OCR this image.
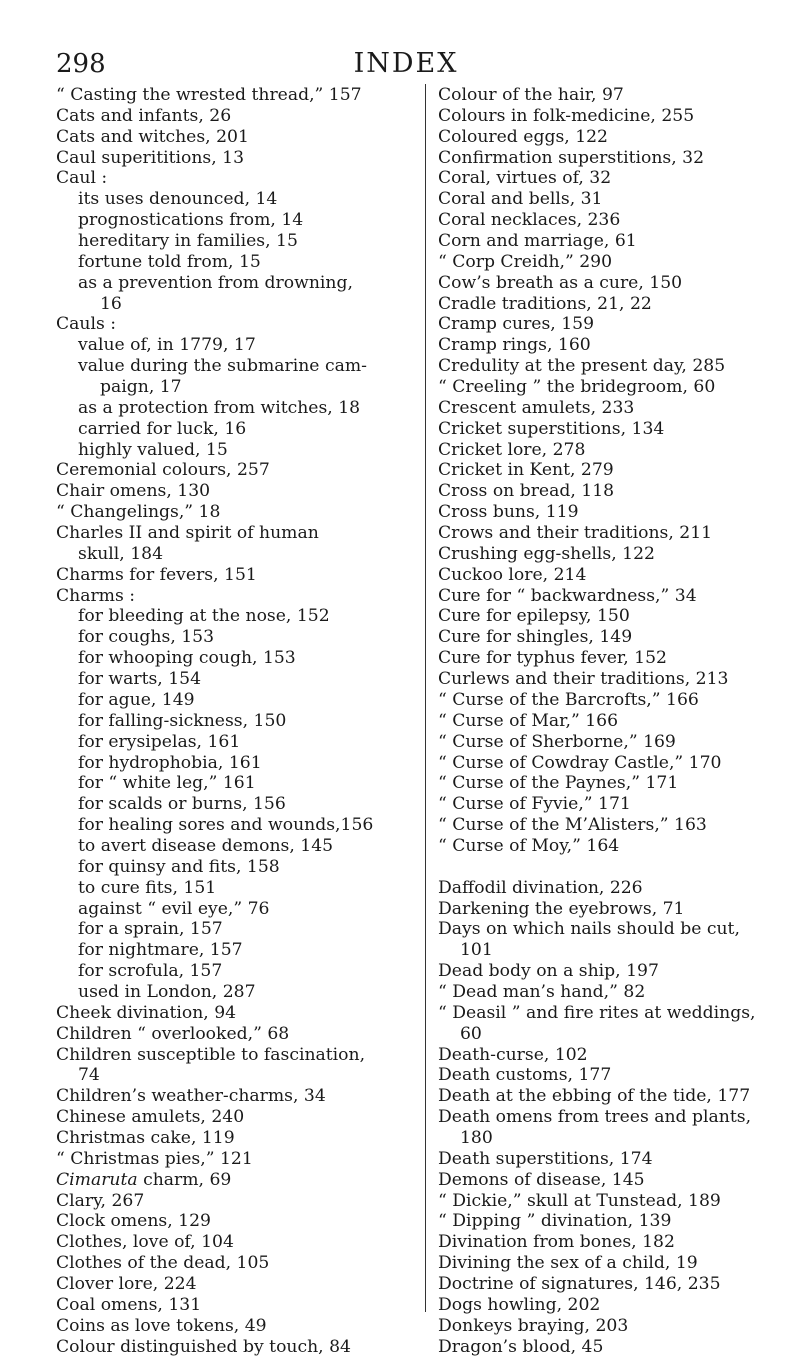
298	INDEX
“ Casting the wrested thread,” 157
Cats and infants, 26
Cats and witches, 201
Caul superititions, 13
Caul :
its uses denounced, 14
prognostications from, 14
hereditary in families, 15
fortune told from, 15
as a prevention from drowning,
16
Cauls :
value of, in 1779, 17
value during the submarine cam-
paign, 17
as a protection from witches, 18
carried for luck, 16
highly valued, 15
Ceremonial colours, 257
Chair omens, 130
“ Changelings,” 18
Charles II and spirit of human
skull, 184
Charms for fevers, 151
Charms :
for bleeding at the nose, 152
for coughs, 153
for whooping cough, 153
for warts, 154
for ague, 149
for falling-sickness, 150
for erysipelas, 161
for hydrophobia, 161
for “ white leg,” 161
for scalds or burns, 156
for healing sores and wounds,156
to avert disease demons, 145
for quinsy and fits, 158
to cure fits, 151
against “ evil eye,” 76
for a sprain, 157
for nightmare, 157
for scrofula, 157
used in London, 287
Cheek divination, 94
Children “ overlooked,” 68
Children susceptible to fascination,
74
Children’s weather-charms, 34
Chinese amulets, 240
Christmas cake, 119
“ Christmas pies,” 121
Cimaruta charm, 69
Clary, 267
Clock omens, 129
Clothes, love of, 104
Clothes of the dead, 105
Clover lore, 224
Coal omens, 131
Coins as love tokens, 49
Colour distinguished by touch, 84
Colour of the hair, 97
Colours in folk-medicine, 255
Coloured eggs, 122
Confirmation superstitions, 32
Coral, virtues of, 32
Coral and bells, 31
Coral necklaces, 236
Corn and marriage, 61
“ Corp Creidh,” 290
Cow’s breath as a cure, 150
Cradle traditions, 21, 22
Cramp cures, 159
Cramp rings, 160
Credulity at the present day, 285
“ Creeling ” the bridegroom, 60
Crescent amulets, 233
Cricket superstitions, 134
Cricket lore, 278
Cricket in Kent, 279
Cross on bread, 118
Cross buns, 119
Crows and their traditions, 211
Crushing egg-shells, 122
Cuckoo lore, 214
Cure for “ backwardness,” 34
Cure for epilepsy, 150
Cure for shingles, 149
Cure for typhus fever, 152
Curlews and their traditions, 213
“ Curse of the Barcrofts,” 166
“ Curse of Mar,” 166
“ Curse of Sherborne,” 169
“ Curse of Cowdray Castle,” 170
“ Curse of the Paynes,” 171
“ Curse of Fyvie,” 171
“ Curse of the M’Alisters,” 163
“ Curse of Moy,” 164
Daffodil divination, 226
Darkening the eyebrows, 71
Days on which nails should be cut,
101
Dead body on a ship, 197
“ Dead man’s hand,” 82
“ Deasil ” and fire rites at weddings,
60
Death-curse, 102
Death customs, 177
Death at the ebbing of the tide, 177
Death omens from trees and plants,
180
Death superstitions, 174
Demons of disease, 145
“ Dickie,” skull at Tunstead, 189
“ Dipping ” divination, 139
Divination from bones, 182
Divining the sex of a child, 19
Doctrine of signatures, 146, 235
Dogs howling, 202
Donkeys braying, 203
Dragon’s blood, 45
